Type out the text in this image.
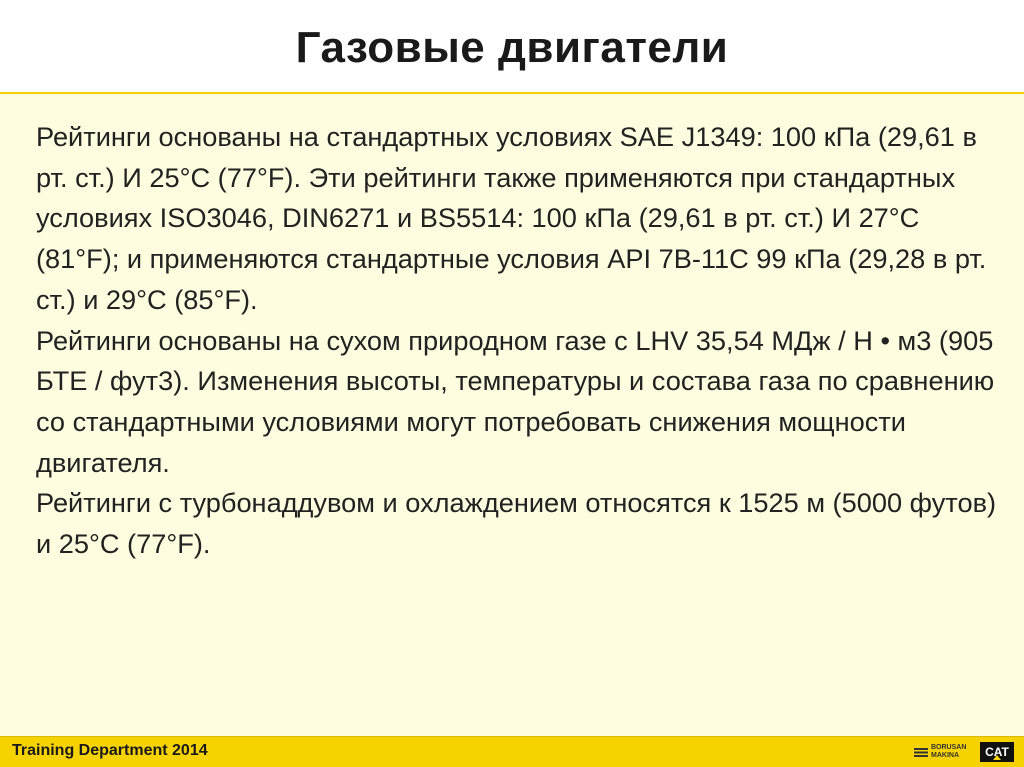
Газовые двигатели

Рейтинги основаны на стандартных условиях SAE J1349: 100 кПа (29,61 в рт. ст.) И 25°C (77°F). Эти рейтинги также применяются при стандартных условиях ISO3046, DIN6271 и BS5514: 100 кПа (29,61 в рт. ст.) И 27°C (81°F); и применяются стандартные условия API 7B-11C 99 кПа (29,28 в рт. ст.) и 29°C (85°F).

Рейтинги основаны на сухом природном газе с LHV 35,54 МДж / Н • м3 (905 БТЕ / фут3). Изменения высоты, температуры и состава газа по сравнению со стандартными условиями могут потребовать снижения мощности двигателя.

Рейтинги с турбонаддувом и охлаждением относятся к 1525 м (5000 футов) и 25°C (77°F).

Training Department 2014	BORUSAN
MAKINA	CAT
